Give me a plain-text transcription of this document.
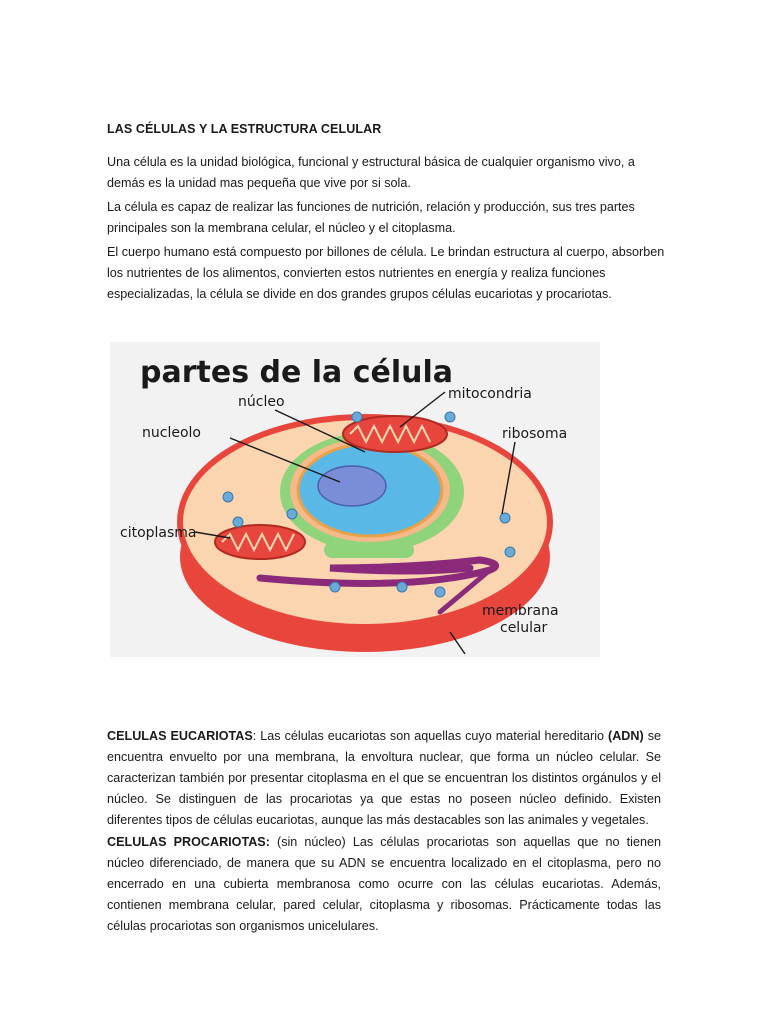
LAS CÉLULAS Y LA ESTRUCTURA CELULAR
Una célula es la unidad biológica, funcional y estructural básica de cualquier organismo vivo, a demás es la unidad mas pequeña que vive por si sola.
La célula es capaz de realizar las funciones de nutrición, relación y producción, sus tres partes principales son la membrana celular, el núcleo y el citoplasma.
El cuerpo humano está compuesto por billones de célula. Le brindan estructura al cuerpo, absorben los nutrientes de los alimentos, convierten estos nutrientes en energía y realiza funciones especializadas, la célula se divide en dos grandes grupos células eucariotas y procariotas.
partes de la célula
núcleo	mitocondria
nucleolo	ribosoma
citoplasma
membrana
celular
CELULAS EUCARIOTAS: Las células eucariotas son aquellas cuyo material hereditario (ADN) se encuentra envuelto por una membrana, la envoltura nuclear, que forma un núcleo celular. Se caracterizan también por presentar citoplasma en el que se encuentran los distintos orgánulos y el núcleo. Se distinguen de las procariotas ya que estas no poseen núcleo definido. Existen diferentes tipos de células eucariotas, aunque las más destacables son las animales y vegetales.
CELULAS PROCARIOTAS: (sin núcleo) Las células procariotas son aquellas que no tienen núcleo diferenciado, de manera que su ADN se encuentra localizado en el citoplasma, pero no encerrado en una cubierta membranosa como ocurre con las células eucariotas. Además, contienen membrana celular, pared celular, citoplasma y ribosomas. Prácticamente todas las células procariotas son organismos unicelulares.
